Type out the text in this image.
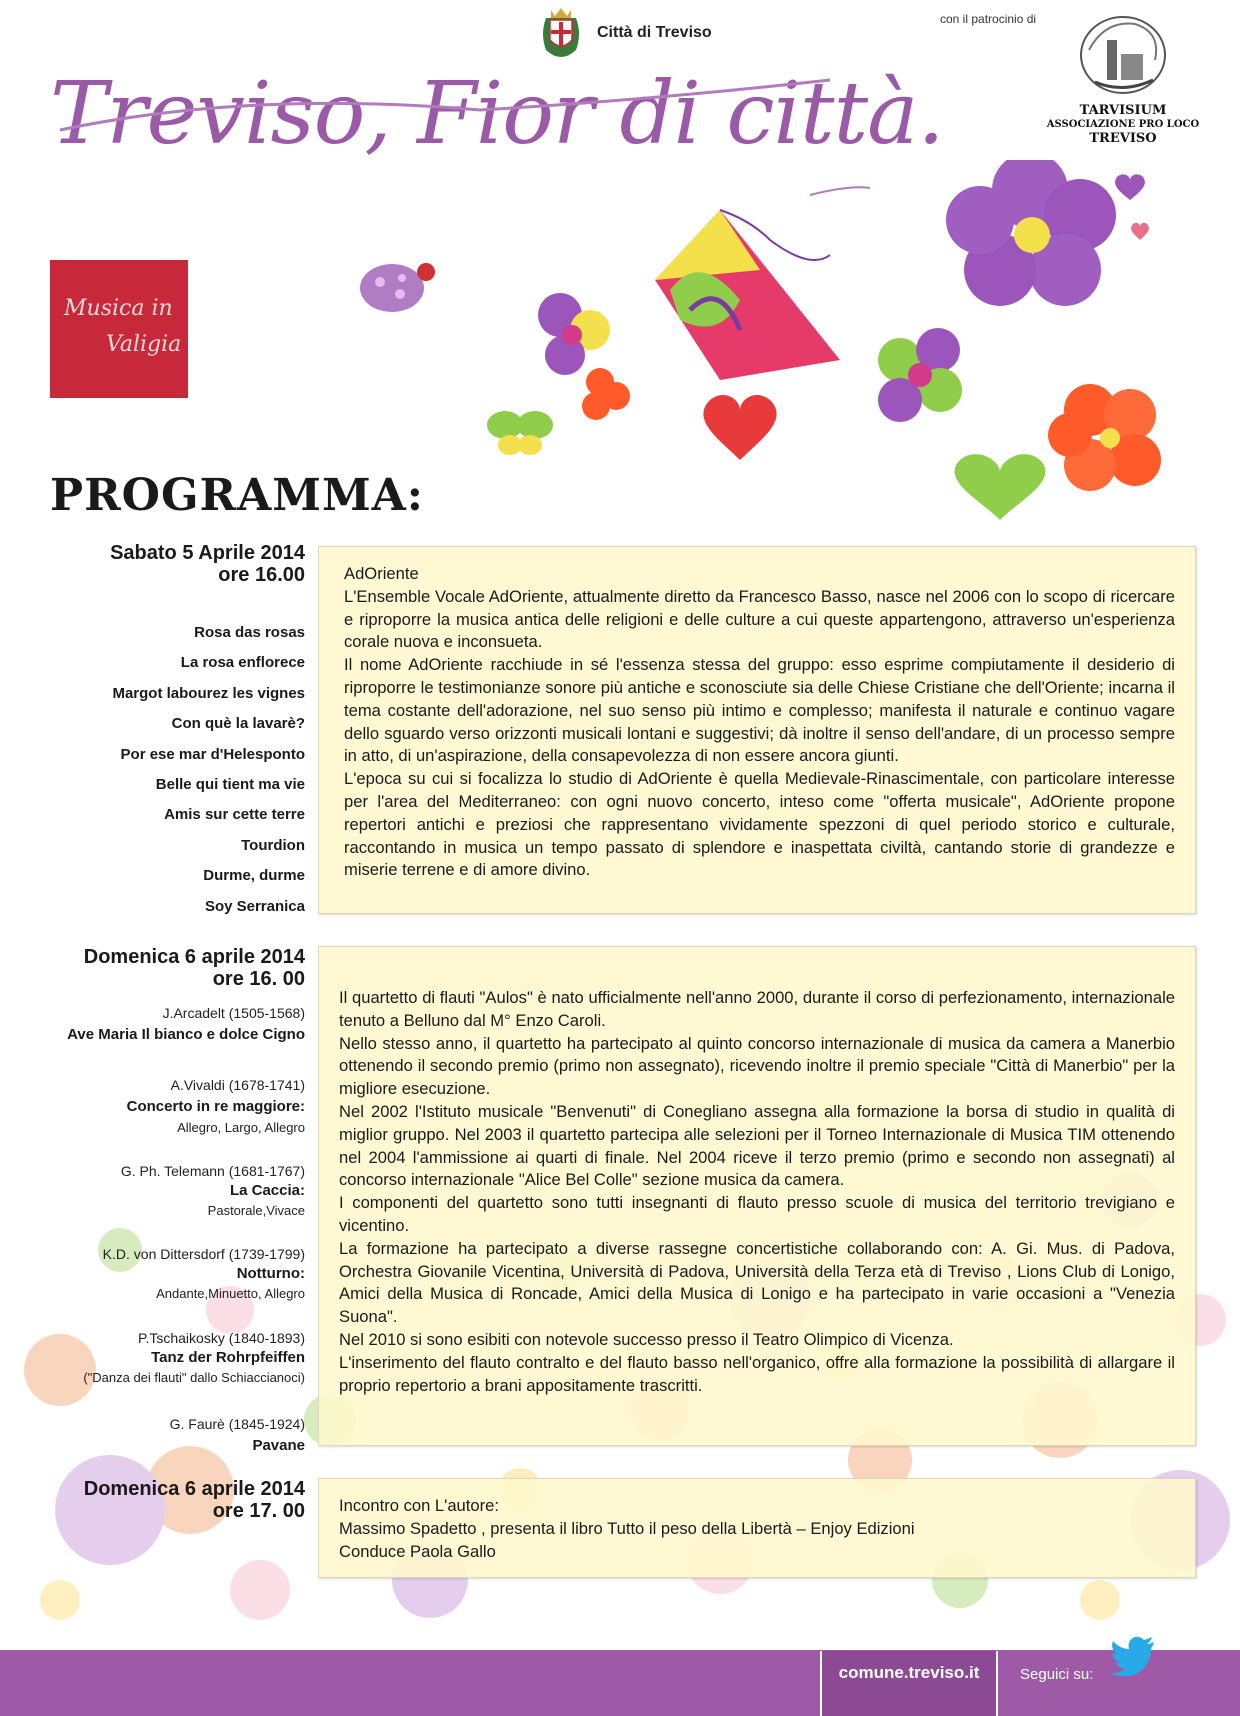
Città di Treviso
con il patrocinio di
TARVISIUM
ASSOCIAZIONE PRO LOCO
TREVISO
Treviso, Fior di città.
Musica in
Valigia
PROGRAMMA:
Sabato 5 Aprile 2014
ore 16.00
Rosa das rosas
La rosa enflorece
Margot labourez les vignes
Con què la lavarè?
Por ese mar d'Helesponto
Belle qui tient ma vie
Amis sur cette terre
Tourdion
Durme, durme
Soy Serranica

AdOriente

L'Ensemble Vocale AdOriente, attualmente diretto da Francesco Basso, nasce nel 2006 con lo scopo di ricercare e riproporre la musica antica delle religioni e delle culture a cui queste appartengono, attraverso un'esperienza corale nuova e inconsueta.

Il nome AdOriente racchiude in sé l'essenza stessa del gruppo: esso esprime compiutamente il desiderio di riproporre le testimonianze sonore più antiche e sconosciute sia delle Chiese Cristiane che dell'Oriente; incarna il tema costante dell'adorazione, nel suo senso più intimo e complesso; manifesta il naturale e continuo vagare dello sguardo verso orizzonti musicali lontani e suggestivi; dà inoltre il senso dell'andare, di un processo sempre in atto, di un'aspirazione, della consapevolezza di non essere ancora giunti.

L'epoca su cui si focalizza lo studio di AdOriente è quella Medievale-Rinascimentale, con particolare interesse per l'area del Mediterraneo: con ogni nuovo concerto, inteso come "offerta musicale", AdOriente propone repertori antichi e preziosi che rappresentano vividamente spezzoni di quel periodo storico e culturale, raccontando in musica un tempo passato di splendore e inaspettata civiltà, cantando storie di grandezze e miserie terrene e di amore divino.

Domenica 6 aprile 2014
ore 16. 00
J.Arcadelt (1505-1568)
Ave Maria Il bianco e dolce Cigno
A.Vivaldi (1678-1741)
Concerto in re maggiore:
Allegro, Largo, Allegro
G. Ph. Telemann (1681-1767)
La Caccia:
Pastorale,Vivace
K.D. von Dittersdorf (1739-1799)
Notturno:
Andante,Minuetto, Allegro
P.Tschaikosky (1840-1893)
Tanz der Rohrpfeiffen
("Danza dei flauti" dallo Schiaccianoci)
G. Faurè (1845-1924)
Pavane

Il quartetto di flauti "Aulos" è nato ufficialmente nell'anno 2000, durante il corso di perfezionamento, internazionale tenuto a Belluno dal M° Enzo Caroli.

Nello stesso anno, il quartetto ha partecipato al quinto concorso internazionale di musica da camera a Manerbio ottenendo il secondo premio (primo non assegnato), ricevendo inoltre il premio speciale "Città di Manerbio" per la migliore esecuzione.

Nel 2002 l'Istituto musicale "Benvenuti" di Conegliano assegna alla formazione la borsa di studio in qualità di miglior gruppo. Nel 2003 il quartetto partecipa alle selezioni per il Torneo Internazionale di Musica TIM ottenendo nel 2004 l'ammissione ai quarti di finale. Nel 2004 riceve il terzo premio (primo e secondo non assegnati) al concorso internazionale "Alice Bel Colle" sezione musica da camera.

I componenti del quartetto sono tutti insegnanti di flauto presso scuole di musica del territorio trevigiano e vicentino.

La formazione ha partecipato a diverse rassegne concertistiche collaborando con: A. Gi. Mus. di Padova, Orchestra Giovanile Vicentina, Università di Padova, Università della Terza età di Treviso , Lions Club di Lonigo, Amici della Musica di Roncade, Amici della Musica di Lonigo e ha partecipato in varie occasioni a "Venezia Suona".

Nel 2010 si sono esibiti con notevole successo presso il Teatro Olimpico di Vicenza.

L'inserimento del flauto contralto e del flauto basso nell'organico, offre alla formazione la possibilità di allargare il proprio repertorio a brani appositamente trascritti.

Domenica 6 aprile 2014
ore 17. 00 Incontro con L'autore:

Massimo Spadetto , presenta il libro Tutto il peso della Libertà – Enjoy Edizioni

Conduce Paola Gallo

comune.treviso.it	Seguici su:
